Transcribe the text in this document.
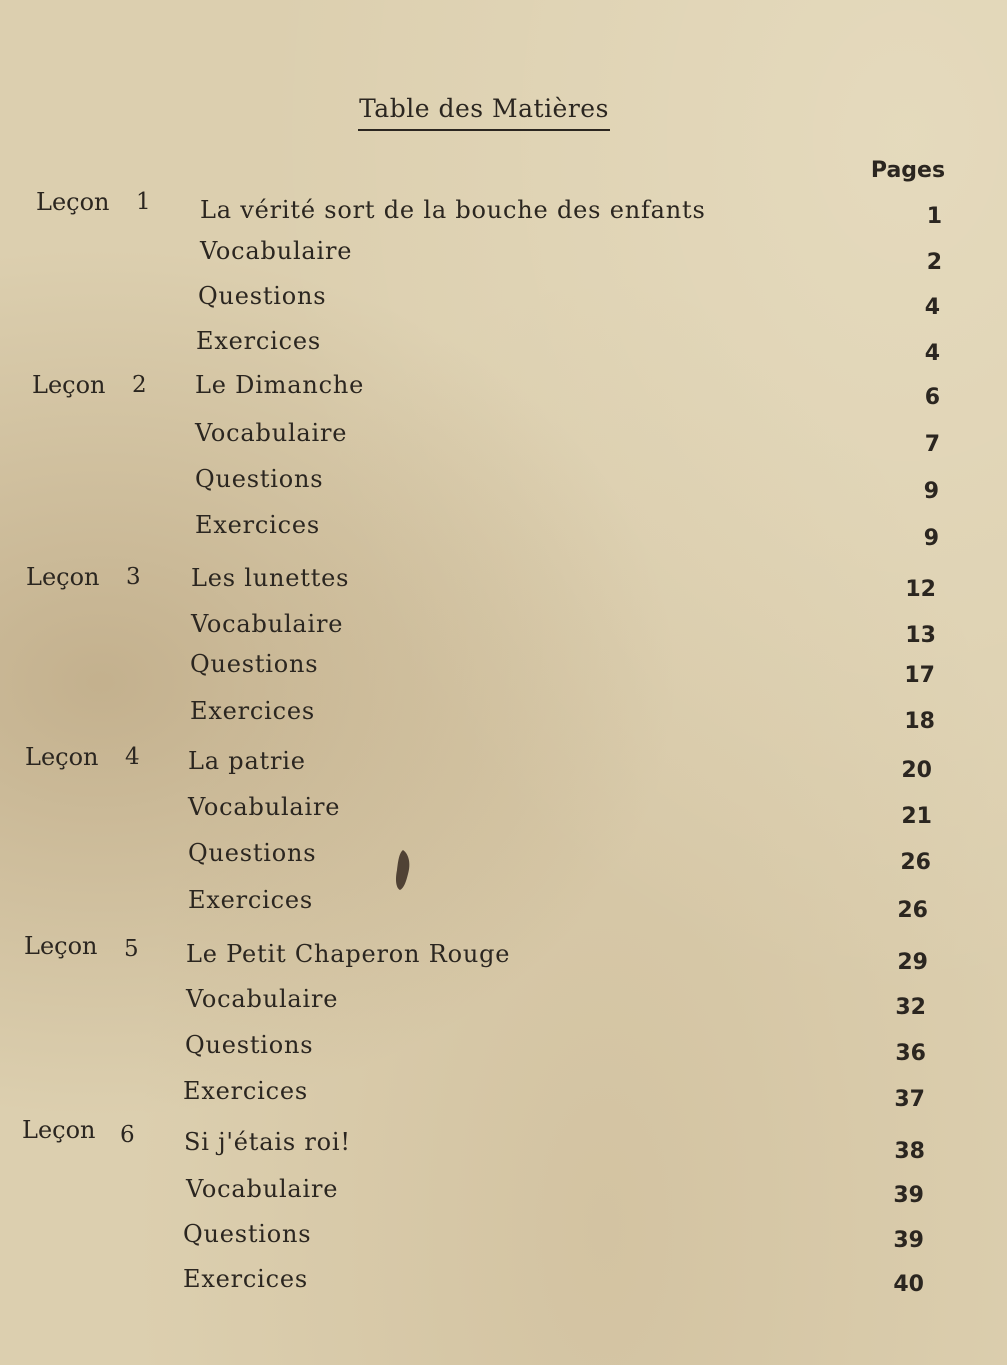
Table des Matières
Pages
Leçon 1 La vérité sort de la bouche des enfants	1
Vocabulaire	2
Questions	4
Exercices	4
Leçon 2 Le Dimanche	6
Vocabulaire	7
Questions	9
Exercices	9
Leçon 3 Les lunettes	12
Vocabulaire	13
Questions	17
Exercices	18
Leçon 4 La patrie	20
Vocabulaire	21
Questions	26
Exercices	26
Leçon 5 Le Petit Chaperon Rouge	29
Vocabulaire	32
Questions	36
Exercices	37
Leçon 6 Si j'étais roi!	38
Vocabulaire	39
Questions	39
Exercices	40
